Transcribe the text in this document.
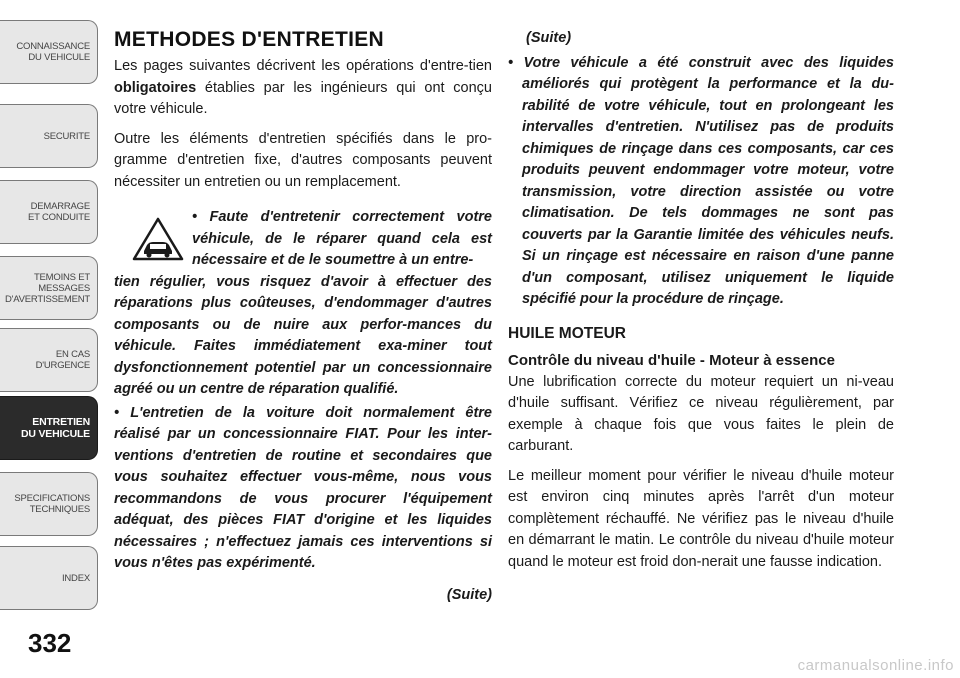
CONNAISSANCE
DU VEHICULE
SECURITE
DEMARRAGE
ET CONDUITE
TEMOINS ET
MESSAGES
D'AVERTISSEMENT
EN CAS
D'URGENCE
ENTRETIEN
DU VEHICULE
SPECIFICATIONS
TECHNIQUES
INDEX
332
METHODES D'ENTRETIEN

Les pages suivantes décrivent les opérations d'entre-tien obligatoires établies par les ingénieurs qui ont conçu votre véhicule.

Outre les éléments d'entretien spécifiés dans le pro-gramme d'entretien fixe, d'autres composants peuvent nécessiter un entretien ou un remplacement.

• Faute d'entretenir correctement votre véhicule, de le réparer quand cela est nécessaire et de le soumettre à un entre-

tien régulier, vous risquez d'avoir à effectuer des réparations plus coûteuses, d'endommager d'autres composants ou de nuire aux perfor-mances du véhicule. Faites immédiatement exa-miner tout dysfonctionnement potentiel par un concessionnaire agréé ou un centre de réparation qualifié.

• L'entretien de la voiture doit normalement être réalisé par un concessionnaire FIAT. Pour les inter-ventions d'entretien de routine et secondaires que vous souhaitez effectuer vous-même, nous vous recommandons de vous procurer l'équipement adéquat, des pièces FIAT d'origine et les liquides nécessaires ; n'effectuez jamais ces interventions si vous n'êtes pas expérimenté.

(Suite)
(Suite)

• Votre véhicule a été construit avec des liquides améliorés qui protègent la performance et la du-rabilité de votre véhicule, tout en prolongeant les intervalles d'entretien. N'utilisez pas de produits chimiques de rinçage dans ces composants, car ces produits peuvent endommager votre moteur, votre transmission, votre direction assistée ou votre climatisation. De tels dommages ne sont pas couverts par la Garantie limitée des véhicules neufs. Si un rinçage est nécessaire en raison d'une panne d'un composant, utilisez uniquement le liquide spécifié pour la procédure de rinçage.

HUILE MOTEUR
Contrôle du niveau d'huile - Moteur à essence

Une lubrification correcte du moteur requiert un ni-veau d'huile suffisant. Vérifiez ce niveau régulièrement, par exemple à chaque fois que vous faites le plein de carburant.

Le meilleur moment pour vérifier le niveau d'huile moteur est environ cinq minutes après l'arrêt d'un moteur complètement réchauffé. Ne vérifiez pas le niveau d'huile en démarrant le matin. Le contrôle du niveau d'huile moteur quand le moteur est froid don-nerait une fausse indication.

carmanualsonline.info
